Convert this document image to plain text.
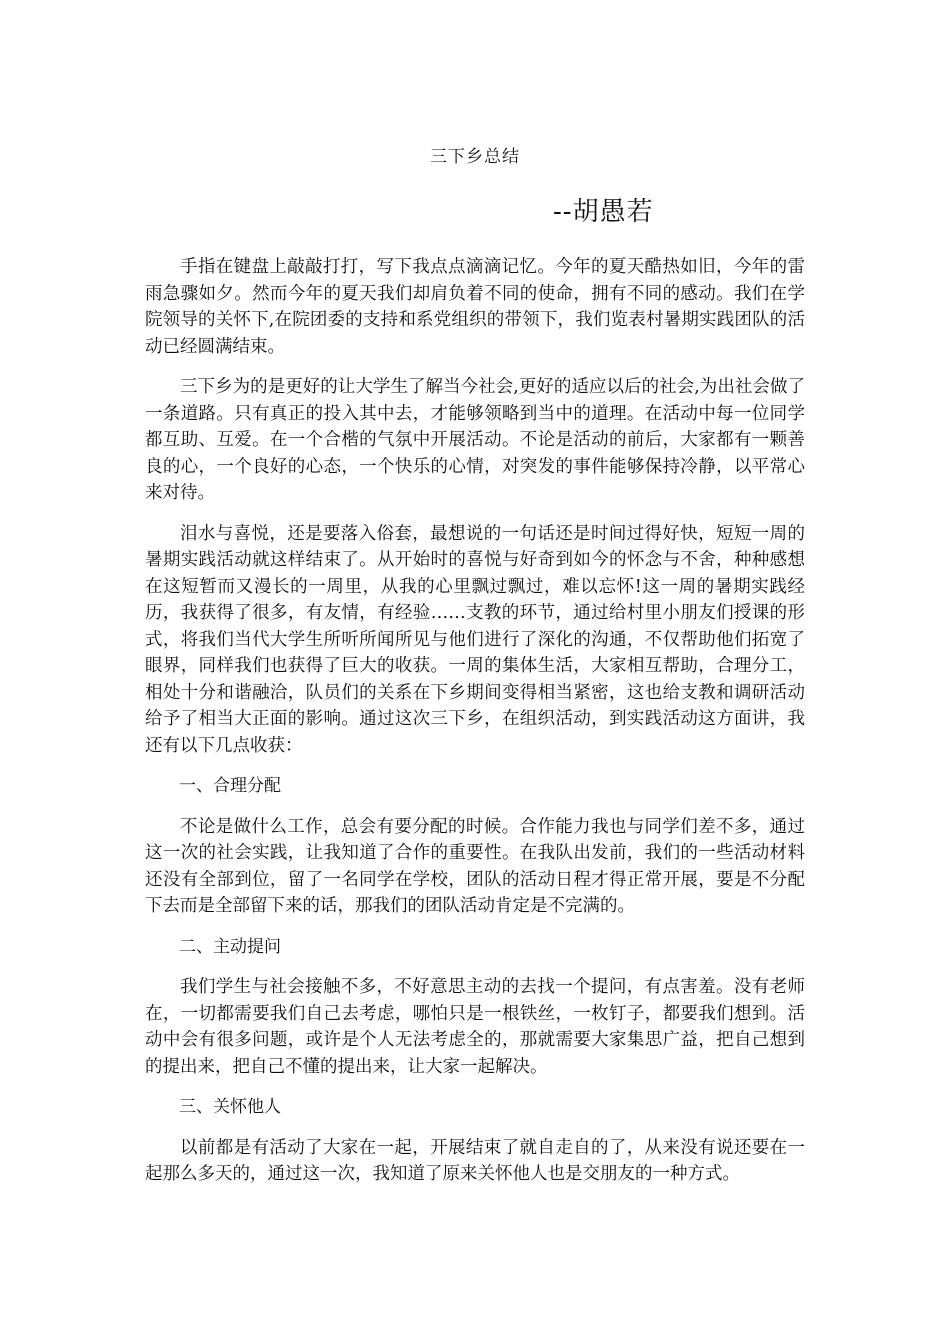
三下乡总结
--胡愚若

手指在键盘上敲敲打打，写下我点点滴滴记忆。今年的夏天酷热如旧，今年的雷雨急骤如夕。然而今年的夏天我们却肩负着不同的使命，拥有不同的感动。我们在学院领导的关怀下,在院团委的支持和系党组织的带领下，我们览表村暑期实践团队的活动已经圆满结束。

三下乡为的是更好的让大学生了解当今社会,更好的适应以后的社会,为出社会做了一条道路。只有真正的投入其中去，才能够领略到当中的道理。在活动中每一位同学都互助、互爱。在一个合楷的气氛中开展活动。不论是活动的前后，大家都有一颗善良的心，一个良好的心态，一个快乐的心情，对突发的事件能够保持冷静，以平常心来对待。

泪水与喜悦，还是要落入俗套，最想说的一句话还是时间过得好快，短短一周的暑期实践活动就这样结束了。从开始时的喜悦与好奇到如今的怀念与不舍，种种感想在这短暂而又漫长的一周里，从我的心里飘过飘过，难以忘怀!这一周的暑期实践经历，我获得了很多，有友情，有经验……支教的环节，通过给村里小朋友们授课的形式，将我们当代大学生所听所闻所见与他们进行了深化的沟通，不仅帮助他们拓宽了眼界，同样我们也获得了巨大的收获。一周的集体生活，大家相互帮助，合理分工，相处十分和谐融洽，队员们的关系在下乡期间变得相当紧密，这也给支教和调研活动给予了相当大正面的影响。通过这次三下乡，在组织活动，到实践活动这方面讲，我还有以下几点收获：

一、合理分配

不论是做什么工作，总会有要分配的时候。合作能力我也与同学们差不多，通过这一次的社会实践，让我知道了合作的重要性。在我队出发前，我们的一些活动材料还没有全部到位，留了一名同学在学校，团队的活动日程才得正常开展，要是不分配下去而是全部留下来的话，那我们的团队活动肯定是不完满的。

二、主动提问

我们学生与社会接触不多，不好意思主动的去找一个提问，有点害羞。没有老师在，一切都需要我们自己去考虑，哪怕只是一根铁丝，一枚钉子，都要我们想到。活动中会有很多问题，或许是个人无法考虑全的，那就需要大家集思广益，把自己想到的提出来，把自己不懂的提出来，让大家一起解决。

三、关怀他人

以前都是有活动了大家在一起，开展结束了就自走自的了，从来没有说还要在一起那么多天的，通过这一次，我知道了原来关怀他人也是交朋友的一种方式。
